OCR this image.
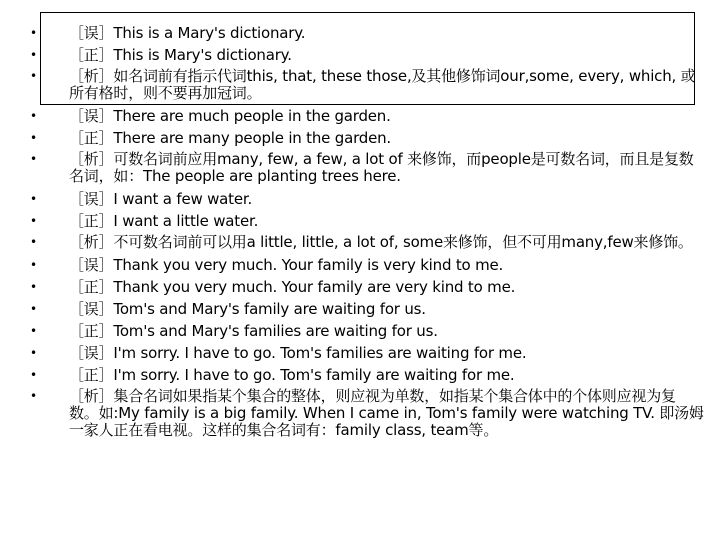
• ［误］This is a Mary's dictionary.
• ［正］This is Mary's dictionary.
• ［析］如名词前有指示代词this, that, these those,及其他修饰词our,some, every, which, 或所有格时，则不要再加冠词。
• ［误］There are much people in the garden.
• ［正］There are many people in the garden.
• ［析］可数名词前应用many, few, a few, a lot of 来修饰，而people是可数名词，而且是复数名词，如：The people are planting trees here.
• ［误］I want a few water.
• ［正］I want a little water.
• ［析］不可数名词前可以用a little, little, a lot of, some来修饰，但不可用many,few来修饰。
• ［误］Thank you very much. Your family is very kind to me.
• ［正］Thank you very much. Your family are very kind to me.
• ［误］Tom's and Mary's family are waiting for us.
• ［正］Tom's and Mary's families are waiting for us.
• ［误］I'm sorry. I have to go. Tom's families are waiting for me.
• ［正］I'm sorry. I have to go. Tom's family are waiting for me.
• ［析］集合名词如果指某个集合的整体，则应视为单数，如指某个集合体中的个体则应视为复数。如:My family is a big family. When I came in, Tom's family were watching TV. 即汤姆一家人正在看电视。这样的集合名词有：family class, team等。
